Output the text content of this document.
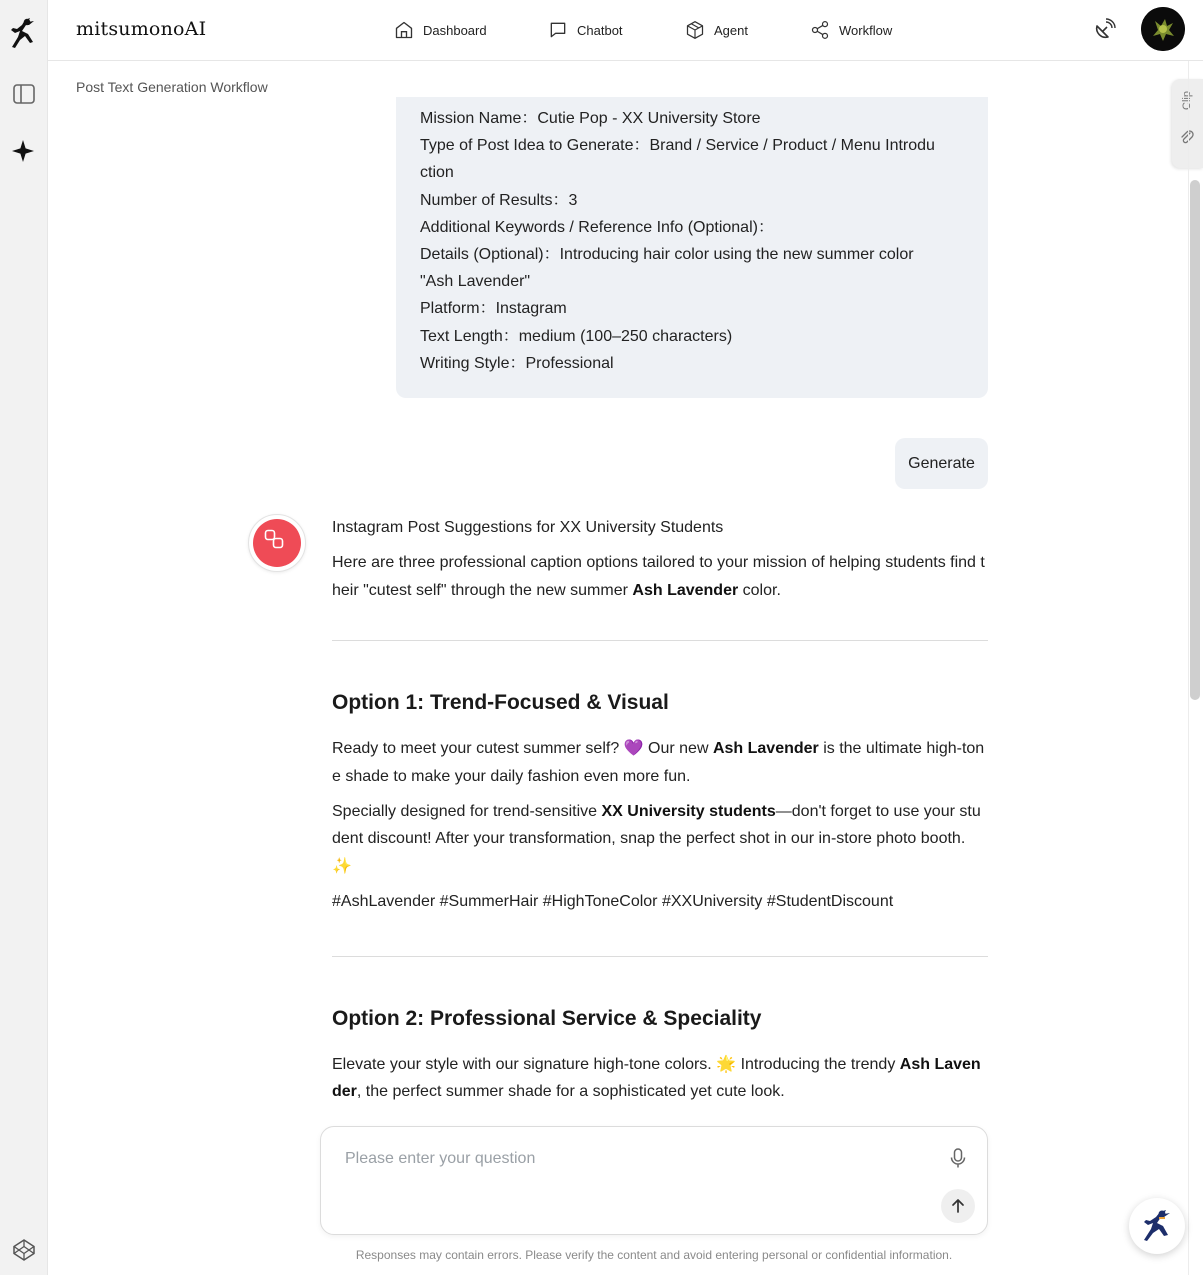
mitsumonoAI	Dashboard	Chatbot	Agent	Workflow
Post Text Generation Workflow
Clip
Mission Name：Cutie Pop - XX University Store
Type of Post Idea to Generate：Brand / Service / Product / Menu Introdu
ction
Number of Results：3
Additional Keywords / Reference Info (Optional)：
Details (Optional)：Introducing hair color using the new summer color
"Ash Lavender"
Platform：Instagram
Text Length：medium (100–250 characters)
Writing Style：Professional
Generate

Instagram Post Suggestions for XX University Students

Here are three professional caption options tailored to your mission of helping students find their "cutest self" through the new summer Ash Lavender color.

Option 1: Trend-Focused & Visual

Ready to meet your cutest summer self? 💜 Our new Ash Lavender is the ultimate high-tone shade to make your daily fashion even more fun.

Specially designed for trend-sensitive XX University students—don't forget to use your student discount! After your transformation, snap the perfect shot in our in-store photo booth. ✨

#AshLavender #SummerHair #HighToneColor #XXUniversity #StudentDiscount

Option 2: Professional Service & Speciality

Elevate your style with our signature high-tone colors. 🌟 Introducing the trendy Ash Lavender, the perfect summer shade for a sophisticated yet cute look.

Please enter your question
Responses may contain errors. Please verify the content and avoid entering personal or confidential information.
